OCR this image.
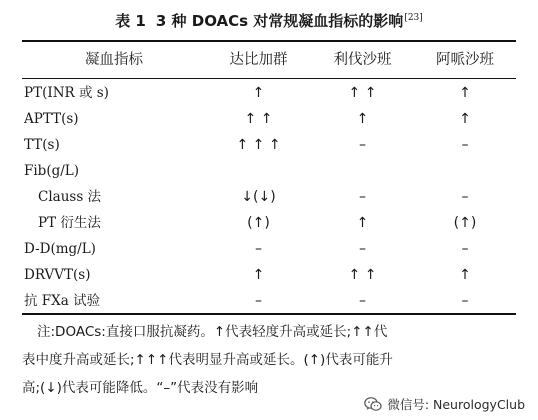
表 1 3 种 DOACs 对常规凝血指标的影响[23]
凝血指标	达比加群	利伐沙班	阿哌沙班
PT(INR 或 s)	↑	↑ ↑	↑
APTT(s)	↑ ↑	↑	↑
TT(s)	↑ ↑ ↑	–	–
Fib(g/L)			
Clauss 法	↓(↓)	–	–
PT 衍生法	(↑)	↑	(↑)
D-D(mg/L)	–	–	–
DRVVT(s)	↑	↑ ↑	↑
抗 FⅩa 试验	–	–	–

注:DOACs:直接口服抗凝药。↑代表轻度升高或延长;↑↑代

表中度升高或延长;↑↑↑代表明显升高或延长。(↑)代表可能升

高;(↓)代表可能降低。“–”代表没有影响

微信号: NeurologyClub
